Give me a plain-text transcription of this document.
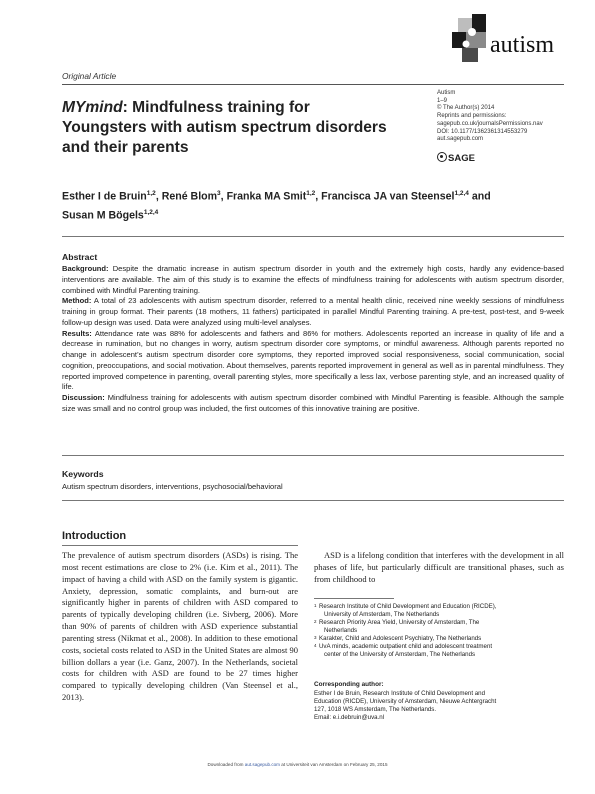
autism
Original Article
MYmind: Mindfulness training for Youngsters with autism spectrum disorders and their parents
Autism
1–9
© The Author(s) 2014
Reprints and permissions:
sagepub.co.uk/journalsPermissions.nav
DOI: 10.1177/1362361314553279
aut.sagepub.com
SAGE
Esther I de Bruin$^{1,2}$, René Blom$^3$, Franka MA Smit$^{1,2}$, Francisca JA van Steensel$^{1,2,4}$ and Susan M Bögels$^{1,2,4}$
Abstract

Background: Despite the dramatic increase in autism spectrum disorder in youth and the extremely high costs, hardly any evidence-based interventions are available. The aim of this study is to examine the effects of mindfulness training for adolescents with autism spectrum disorder, combined with Mindful Parenting training.

Method: A total of 23 adolescents with autism spectrum disorder, referred to a mental health clinic, received nine weekly sessions of mindfulness training in group format. Their parents (18 mothers, 11 fathers) participated in parallel Mindful Parenting training. A pre-test, post-test, and 9-week follow-up design was used. Data were analyzed using multi-level analyses.

Results: Attendance rate was 88% for adolescents and fathers and 86% for mothers. Adolescents reported an increase in quality of life and a decrease in rumination, but no changes in worry, autism spectrum disorder core symptoms, or mindful awareness. Although parents reported no change in adolescent’s autism spectrum disorder core symptoms, they reported improved social responsiveness, social communication, social cognition, preoccupations, and social motivation. About themselves, parents reported improvement in general as well as in parental mindfulness. They reported improved competence in parenting, overall parenting styles, more specifically a less lax, verbose parenting style, and an increased quality of life.

Discussion: Mindfulness training for adolescents with autism spectrum disorder combined with Mindful Parenting is feasible. Although the sample size was small and no control group was included, the first outcomes of this innovative training are positive.

Keywords
Autism spectrum disorders, interventions, psychosocial/behavioral
Introduction

The prevalence of autism spectrum disorders (ASDs) is rising. The most recent estimations are close to 2% (i.e. Kim et al., 2011). The impact of having a child with ASD on the family system is gigantic. Anxiety, depression, somatic complaints, and burn-out are significantly higher in parents of children with ASD compared to parents of typically developing children (i.e. Sivberg, 2006). More than 90% of parents of children with ASD experience substantial parenting stress (Nikmat et al., 2008). In addition to these emotional costs, societal costs related to ASD in the United States are almost 90 billion dollars a year (i.e. Ganz, 2007). In the Netherlands, societal costs for children with ASD are found to be 27 times higher compared to typically developing children (Van Steensel et al., 2013).

ASD is a lifelong condition that interferes with the development in all phases of life, but particularly difficult are transitional phases, such as from childhood to

1 Research Institute of Child Development and Education (RICDE),
University of Amsterdam, The Netherlands
2 Research Priority Area Yield, University of Amsterdam, The
Netherlands
3 Karakter, Child and Adolescent Psychiatry, The Netherlands
4 UvA minds, academic outpatient child and adolescent treatment
center of the University of Amsterdam, The Netherlands
Corresponding author:
Esther I de Bruin, Research Institute of Child Development and
Education (RICDE), University of Amsterdam, Nieuwe Achtergracht
127, 1018 WS Amsterdam, The Netherlands.
Email: e.i.debruin@uva.nl
Downloaded from aut.sagepub.com at Universiteit van Amsterdam on February 25, 2015
